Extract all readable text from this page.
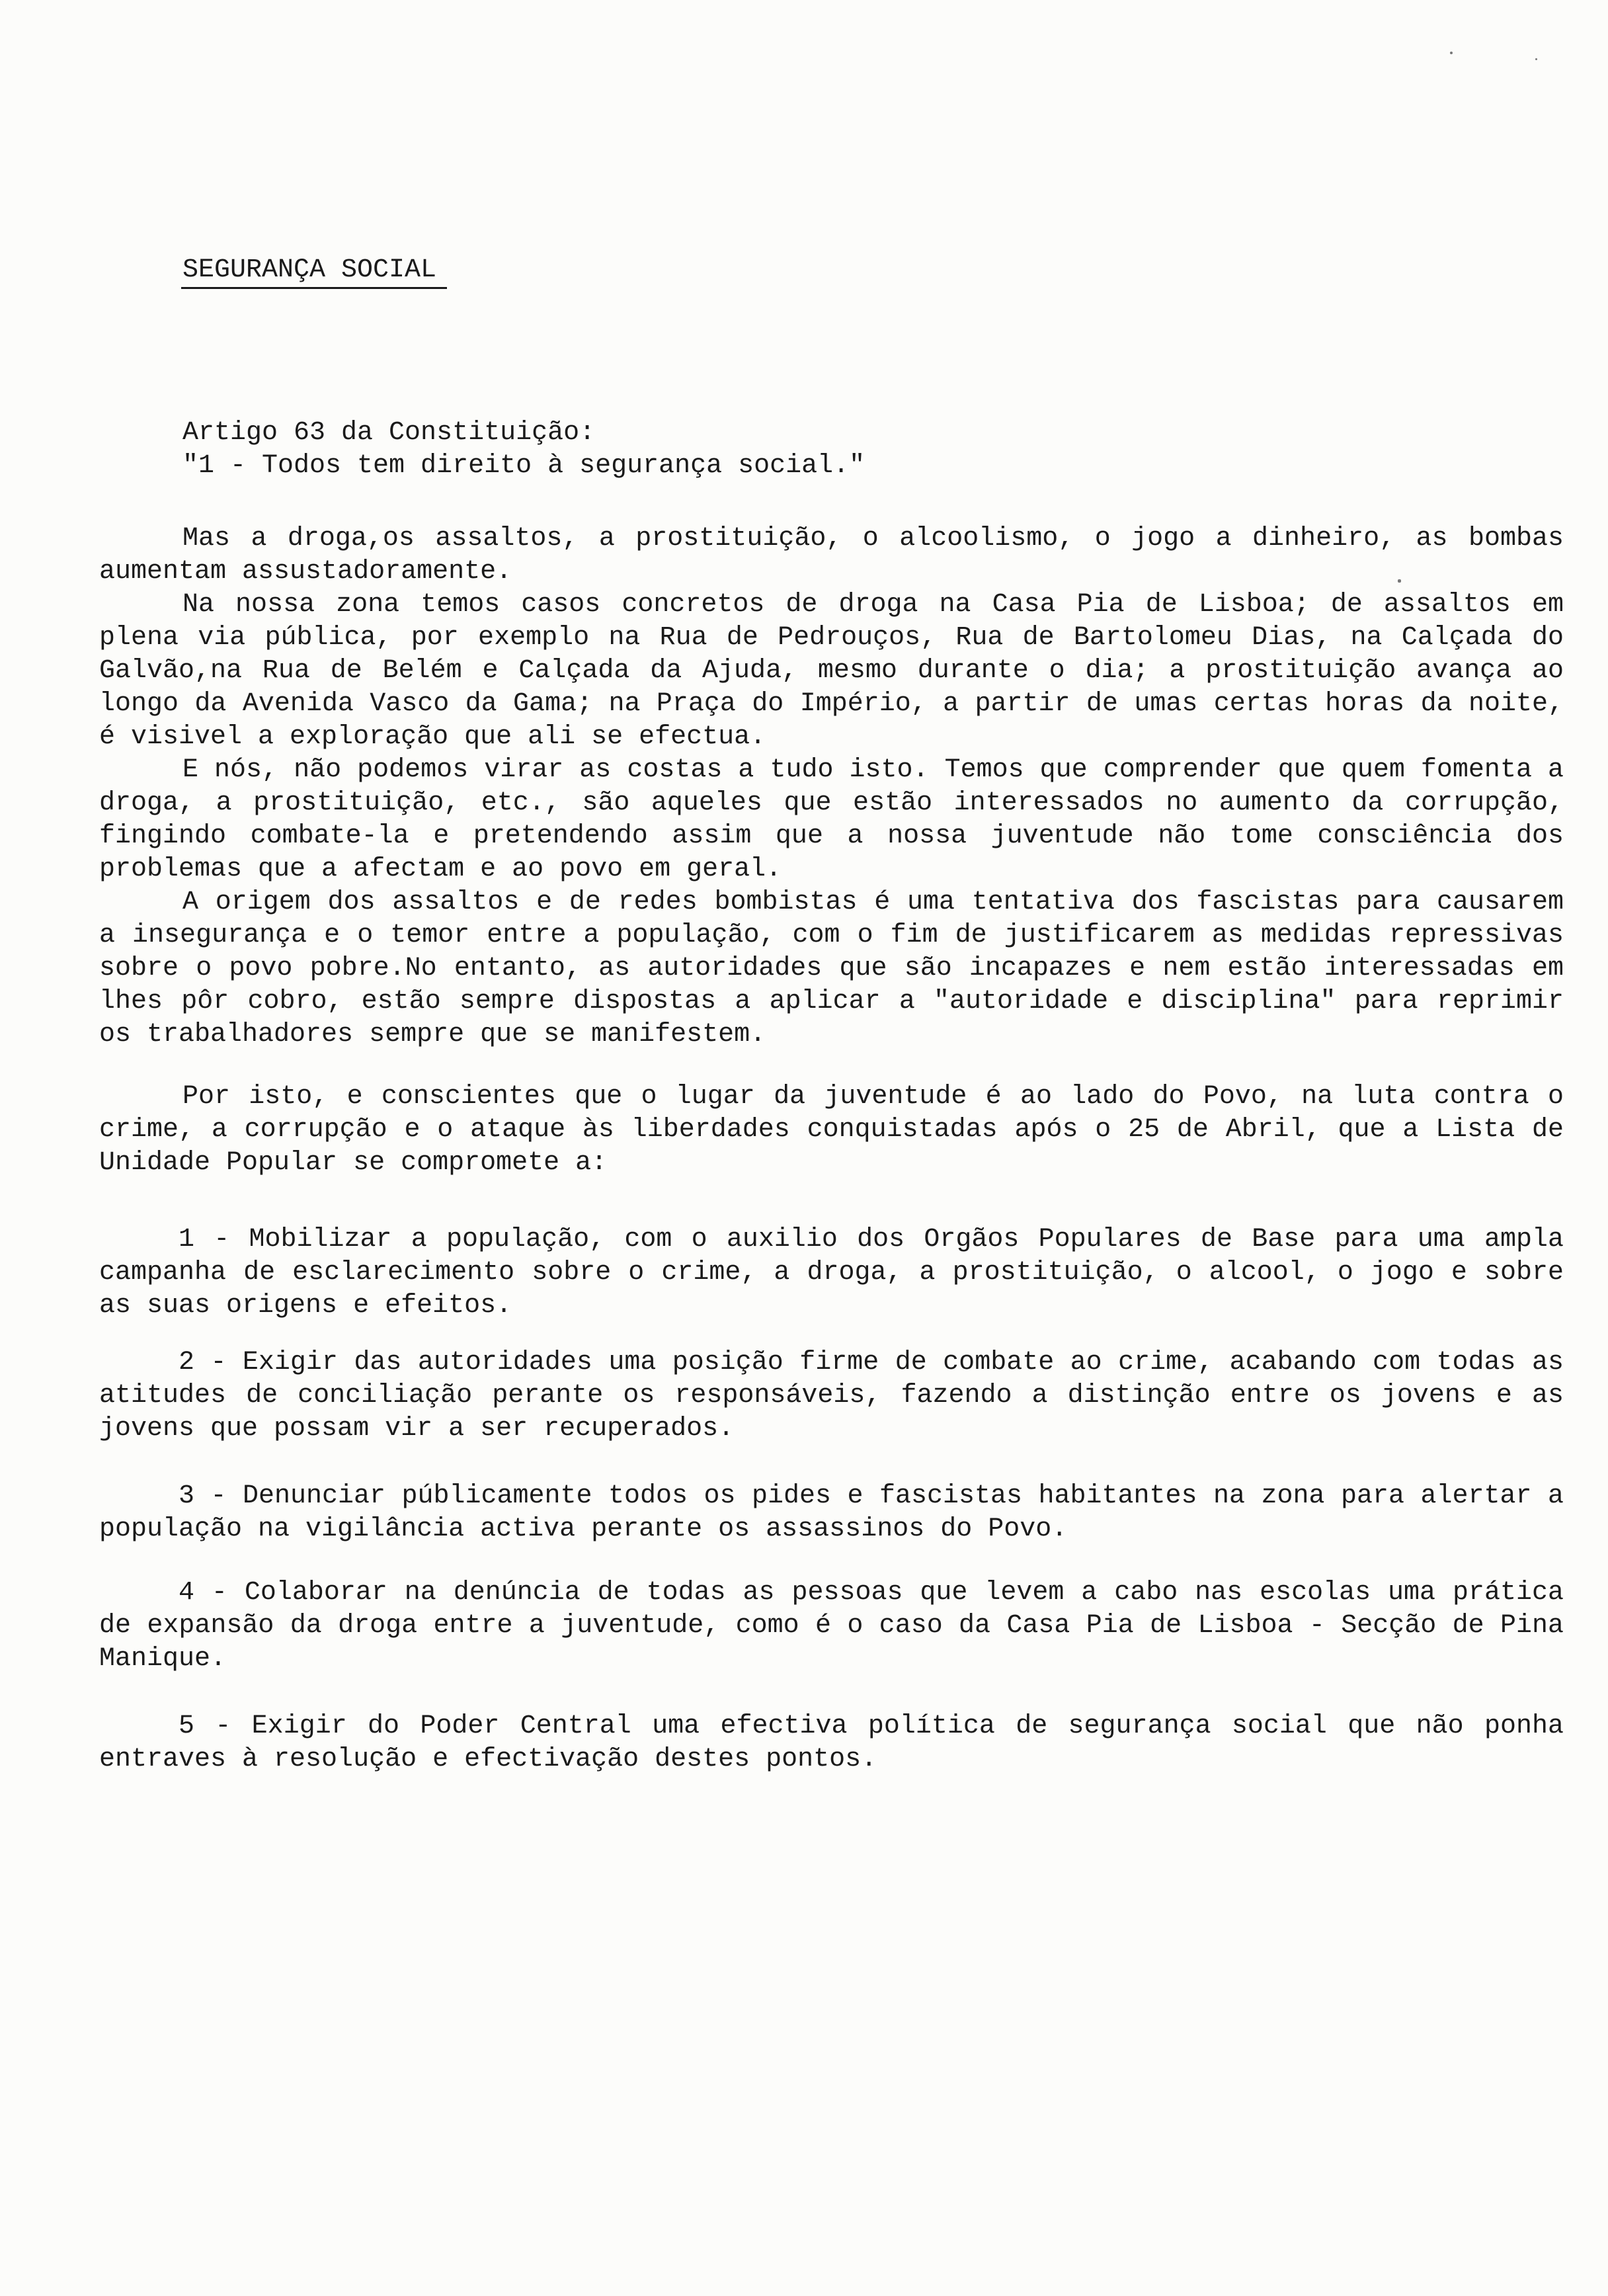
SEGURANÇA SOCIAL
Artigo 63 da Constituição:
"1 - Todos tem direito à segurança social."

Mas a droga,os assaltos, a prostituição, o alcoolismo, o jogo a dinheiro, as bombas aumentam assustadoramente.

Na nossa zona temos casos concretos de droga na Casa Pia de Lisboa; de assaltos em plena via pública, por exemplo na Rua de Pedrouços, Rua de Bartolomeu Dias, na Calçada do Galvão,na Rua de Belém e Calçada da Ajuda, mesmo durante o dia; a prostituição avança ao longo da Avenida Vasco da Gama; na Praça do Império, a partir de umas certas horas da noite, é visivel a exploração que ali se efectua.

E nós, não podemos virar as costas a tudo isto. Temos que comprender que quem fomenta a droga, a prostituição, etc., são aqueles que estão interessados no aumento da corrupção, fingindo combate-la e pretendendo assim que a nossa juventude não tome consciência dos problemas que a afectam e ao povo em geral.

A origem dos assaltos e de redes bombistas é uma tentativa dos fascistas para causarem a insegurança e o temor entre a população, com o fim de justificarem as medidas repressivas sobre o povo pobre.No entanto, as autoridades que são incapazes e nem estão interessadas em lhes pôr cobro, estão sempre dispostas a aplicar a "autoridade e disciplina" para reprimir os trabalhadores sempre que se manifestem.

Por isto, e conscientes que o lugar da juventude é ao lado do Povo, na luta contra o crime, a corrupção e o ataque às liberdades conquistadas após o 25 de Abril, que a Lista de Unidade Popular se compromete a:

1 - Mobilizar a população, com o auxilio dos Orgãos Populares de Base para uma ampla campanha de esclarecimento sobre o crime, a droga, a prostituição, o alcool, o jogo e sobre as suas origens e efeitos.

2 - Exigir das autoridades uma posição firme de combate ao crime, acabando com todas as atitudes de conciliação perante os responsáveis, fazendo a distinção entre os jovens e as jovens que possam vir a ser recuperados.

3 - Denunciar públicamente todos os pides e fascistas habitantes na zona para alertar a população na vigilância activa perante os assassinos do Povo.

4 - Colaborar na denúncia de todas as pessoas que levem a cabo nas escolas uma prática de expansão da droga entre a juventude, como é o caso da Casa Pia de Lisboa - Secção de Pina Manique.

5 - Exigir do Poder Central uma efectiva política de segurança social que não ponha entraves à resolução e efectivação destes pontos.
